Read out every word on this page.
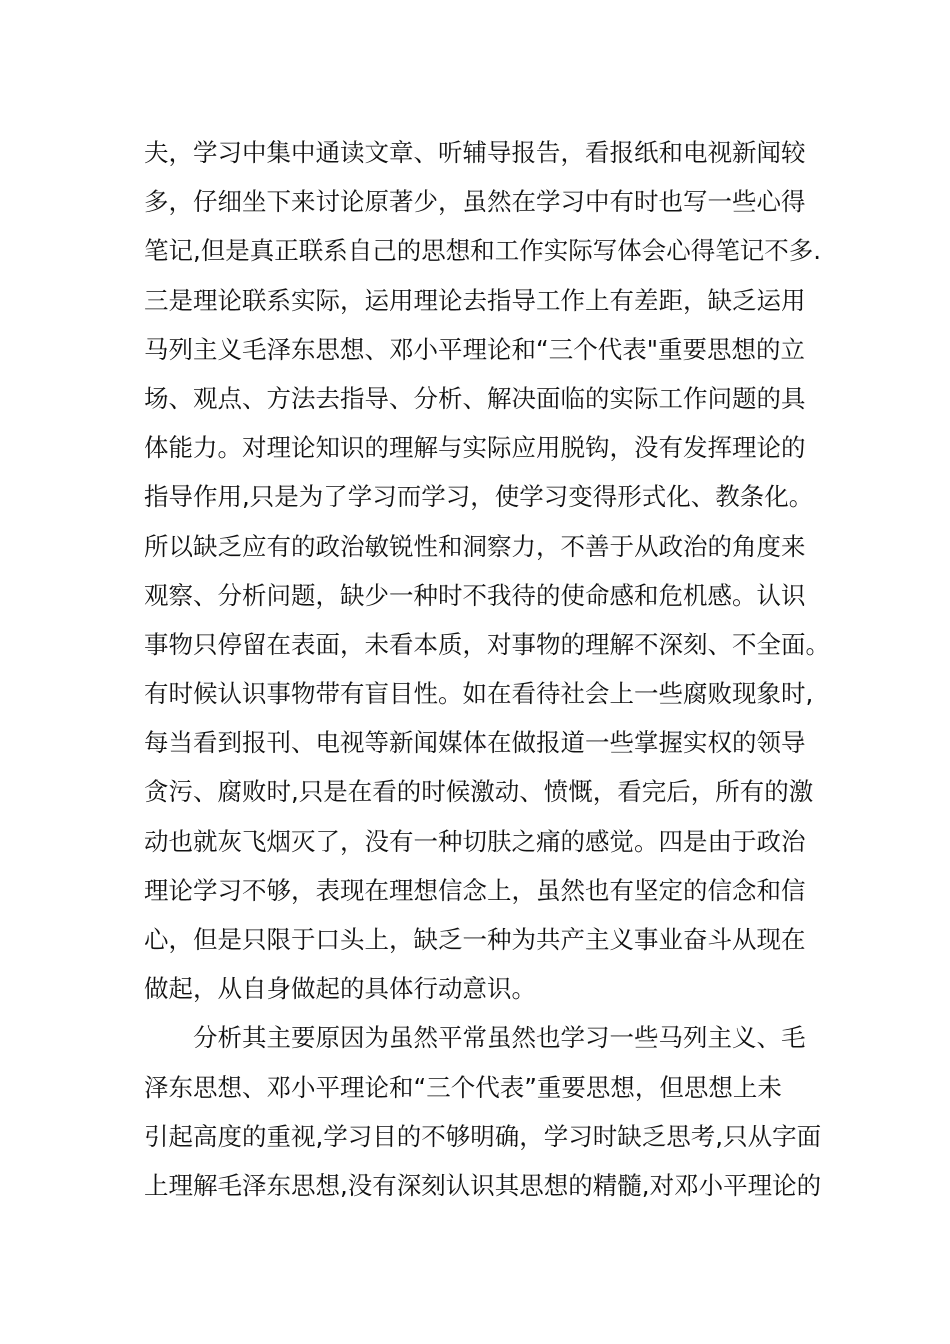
夫，学习中集中通读文章、听辅导报告，看报纸和电视新闻较
多，仔细坐下来讨论原著少，虽然在学习中有时也写一些心得
笔记,但是真正联系自己的思想和工作实际写体会心得笔记不多.
三是理论联系实际，运用理论去指导工作上有差距，缺乏运用
马列主义毛泽东思想、邓小平理论和“三个代表"重要思想的立
场、观点、方法去指导、分析、解决面临的实际工作问题的具
体能力。对理论知识的理解与实际应用脱钩，没有发挥理论的
指导作用,只是为了学习而学习，使学习变得形式化、教条化。
所以缺乏应有的政治敏锐性和洞察力，不善于从政治的角度来
观察、分析问题，缺少一种时不我待的使命感和危机感。认识
事物只停留在表面，未看本质，对事物的理解不深刻、不全面。
有时候认识事物带有盲目性。如在看待社会上一些腐败现象时,
每当看到报刊、电视等新闻媒体在做报道一些掌握实权的领导
贪污、腐败时,只是在看的时候激动、愤慨，看完后，所有的激
动也就灰飞烟灭了，没有一种切肤之痛的感觉。四是由于政治
理论学习不够，表现在理想信念上，虽然也有坚定的信念和信
心，但是只限于口头上，缺乏一种为共产主义事业奋斗从现在
做起，从自身做起的具体行动意识。
　　分析其主要原因为虽然平常虽然也学习一些马列主义、毛
泽东思想、邓小平理论和“三个代表”重要思想，但思想上未
引起高度的重视,学习目的不够明确，学习时缺乏思考,只从字面
上理解毛泽东思想,没有深刻认识其思想的精髓,对邓小平理论的
